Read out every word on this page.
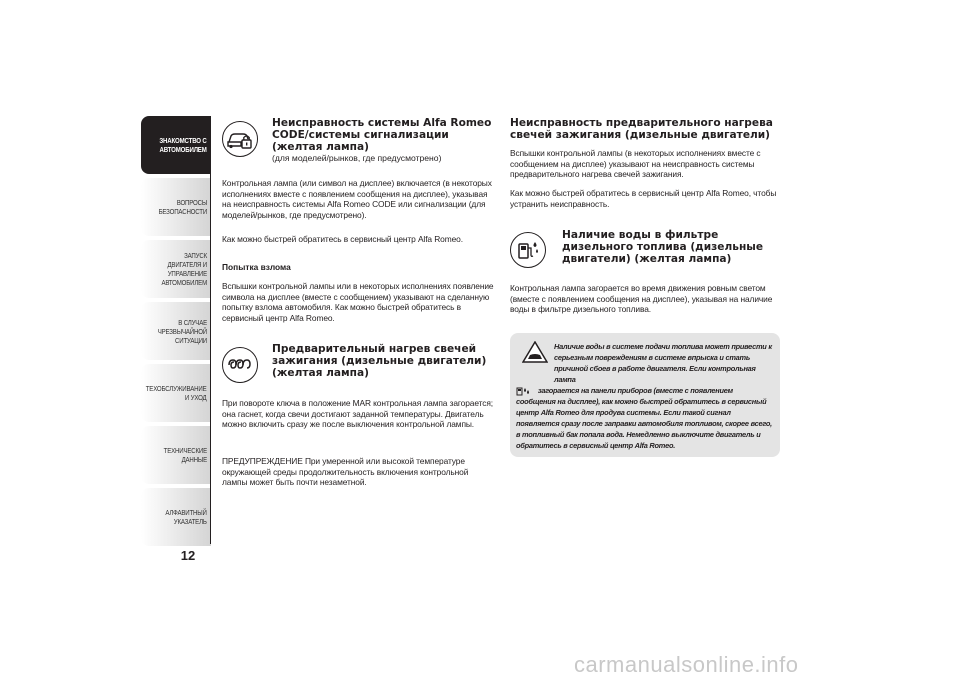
ЗНАКОМСТВО С
АВТОМОБИЛЕМ
ВОПРОСЫ
БЕЗОПАСНОСТИ
ЗАПУСК ДВИГАТЕЛЯ И
УПРАВЛЕНИЕ
АВТОМОБИЛЕМ
В СЛУЧАЕ
ЧРЕЗВЫЧАЙНОЙ
СИТУАЦИИ
ТЕХОБСЛУЖИВАНИЕ
И УХОД
ТЕХНИЧЕСКИЕ
ДАННЫЕ
АЛФАВИТНЫЙ
УКАЗАТЕЛЬ
12
Неисправность системы Alfa Romeo CODE/системы сигнализации (желтая лампа)
(для моделей/рынков, где предусмотрено)
Контрольная лампа (или символ на дисплее) включается (в некоторых исполнениях вместе с появлением сообщения на дисплее), указывая на неисправность системы Alfa Romeo CODE или сигнализации (для моделей/рынков, где предусмотрено).
Как можно быстрей обратитесь в сервисный центр Alfa Romeo.
Попытка взлома
Вспышки контрольной лампы или в некоторых исполнениях появление символа на дисплее (вместе с сообщением) указывают на сделанную попытку взлома автомобиля. Как можно быстрей обратитесь в сервисный центр Alfa Romeo.
Предварительный нагрев свечей зажигания (дизельные двигатели) (желтая лампа)
При повороте ключа в положение MAR контрольная лампа загорается; она гаснет, когда свечи достигают заданной температуры. Двигатель можно включить сразу же после выключения контрольной лампы.
ПРЕДУПРЕЖДЕНИЕ При умеренной или высокой температуре окружающей среды продолжительность включения контрольной лампы может быть почти незаметной.
Неисправность предварительного нагрева свечей зажигания (дизельные двигатели)
Вспышки контрольной лампы (в некоторых исполнениях вместе с сообщением на дисплее) указывают на неисправность системы предварительного нагрева свечей зажигания.
Как можно быстрей обратитесь в сервисный центр Alfa Romeo, чтобы устранить неисправность.
Наличие воды в фильтре дизельного топлива (дизельные двигатели) (желтая лампа)
Контрольная лампа загорается во время движения ровным светом (вместе с появлением сообщения на дисплее), указывая на наличие воды в фильтре дизельного топлива.
Наличие воды в системе подачи топлива может привести к серьезным повреждениям в системе впрыска и стать причиной сбоев в работе двигателя. Если контрольная лампа
загорается на панели приборов (вместе с появлением сообщения на дисплее), как можно быстрей обратитесь в сервисный центр Alfa Romeo для продува системы. Если такой сигнал появляется сразу после заправки автомобиля топливом, скорее всего, в топливный бак попала вода. Немедленно выключите двигатель и обратитесь в сервисный центр Alfa Romeo.
carmanualsonline.info
